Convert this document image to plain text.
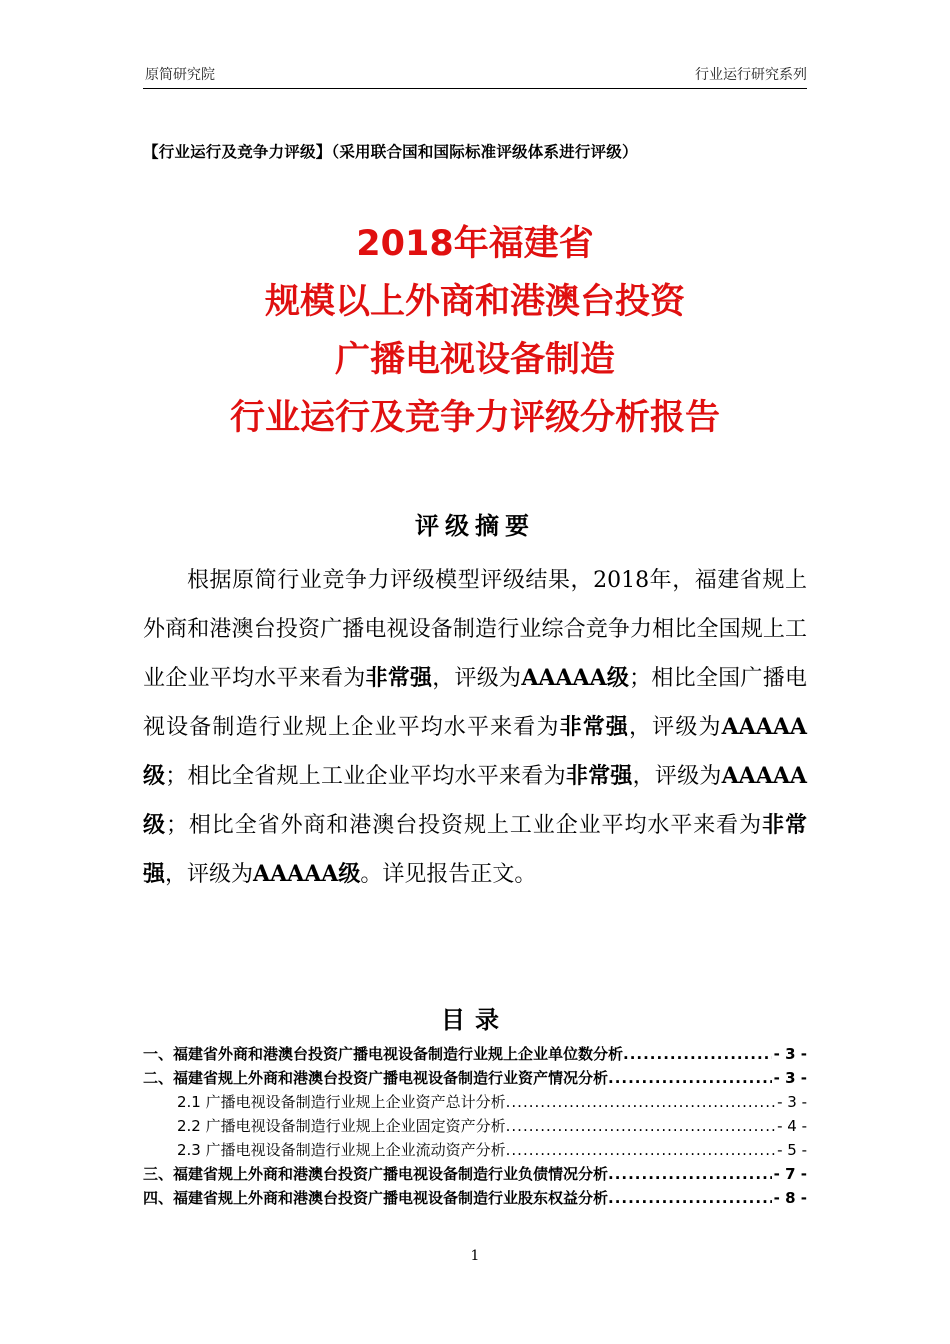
原简研究院	行业运行研究系列
【行业运行及竞争力评级】（采用联合国和国际标准评级体系进行评级）
2018年福建省
规模以上外商和港澳台投资
广播电视设备制造
行业运行及竞争力评级分析报告
评级摘要
根据原简行业竞争力评级模型评级结果，2018年，福建省规上外商和港澳台投资广播电视设备制造行业综合竞争力相比全国规上工业企业平均水平来看为非常强，评级为AAAAA级；相比全国广播电视设备制造行业规上企业平均水平来看为非常强，评级为AAAAA级；相比全省规上工业企业平均水平来看为非常强，评级为AAAAA级；相比全省外商和港澳台投资规上工业企业平均水平来看为非常强，评级为AAAAA级。详见报告正文。
目录
一、福建省外商和港澳台投资广播电视设备制造行业规上企业单位数分析 .....	- 3 -
二、福建省规上外商和港澳台投资广播电视设备制造行业资产情况分析 .....	- 3 -
2.1 广播电视设备制造行业规上企业资产总计分析 .....	- 3 -
2.2 广播电视设备制造行业规上企业固定资产分析 .....	- 4 -
2.3 广播电视设备制造行业规上企业流动资产分析 .....	- 5 -
三、福建省规上外商和港澳台投资广播电视设备制造行业负债情况分析 .....	- 7 -
四、福建省规上外商和港澳台投资广播电视设备制造行业股东权益分析 .....	- 8 -
1
